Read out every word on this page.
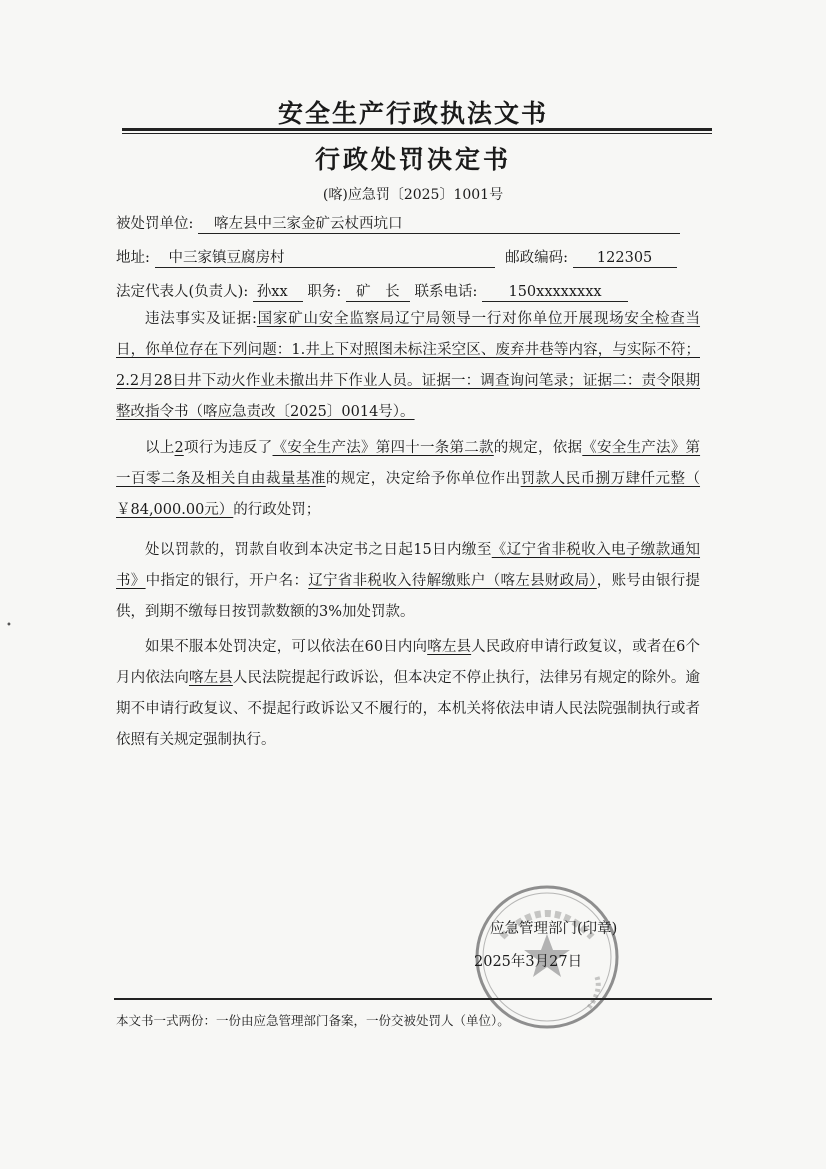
安全生产行政执法文书
行政处罚决定书
(喀)应急罚〔2025〕1001号
被处罚单位: 喀左县中三家金矿云杖西坑口
地址: 中三家镇豆腐房村	邮政编码: 122305
法定代表人(负责人): 孙xx 职务: 矿　长 联系电话: 150xxxxxxxx
违法事实及证据:国家矿山安全监察局辽宁局领导一行对你单位开展现场安全检查当日，你单位存在下列问题：1.井上下对照图未标注采空区、废弃井巷等内容，与实际不符；2.2月28日井下动火作业未撤出井下作业人员。证据一：调查询问笔录；证据二：责令限期整改指令书（喀应急责改〔2025〕0014号）。
以上2项行为违反了《安全生产法》第四十一条第二款的规定，依据《安全生产法》第一百零二条及相关自由裁量基准的规定，决定给予你单位作出罚款人民币捌万肆仟元整（ ￥84,000.00元）的行政处罚；
处以罚款的，罚款自收到本决定书之日起15日内缴至《辽宁省非税收入电子缴款通知书》中指定的银行，开户名：辽宁省非税收入待解缴账户（喀左县财政局），账号由银行提供，到期不缴每日按罚款数额的3%加处罚款。
如果不服本处罚决定，可以依法在60日内向喀左县人民政府申请行政复议，或者在6个月内依法向喀左县人民法院提起行政诉讼，但本决定不停止执行，法律另有规定的除外。逾期不申请行政复议、不提起行政诉讼又不履行的，本机关将依法申请人民法院强制执行或者依照有关规定强制执行。
应急管理部门(印章)
2025年3月27日
本文书一式两份：一份由应急管理部门备案，一份交被处罚人（单位）。
•
